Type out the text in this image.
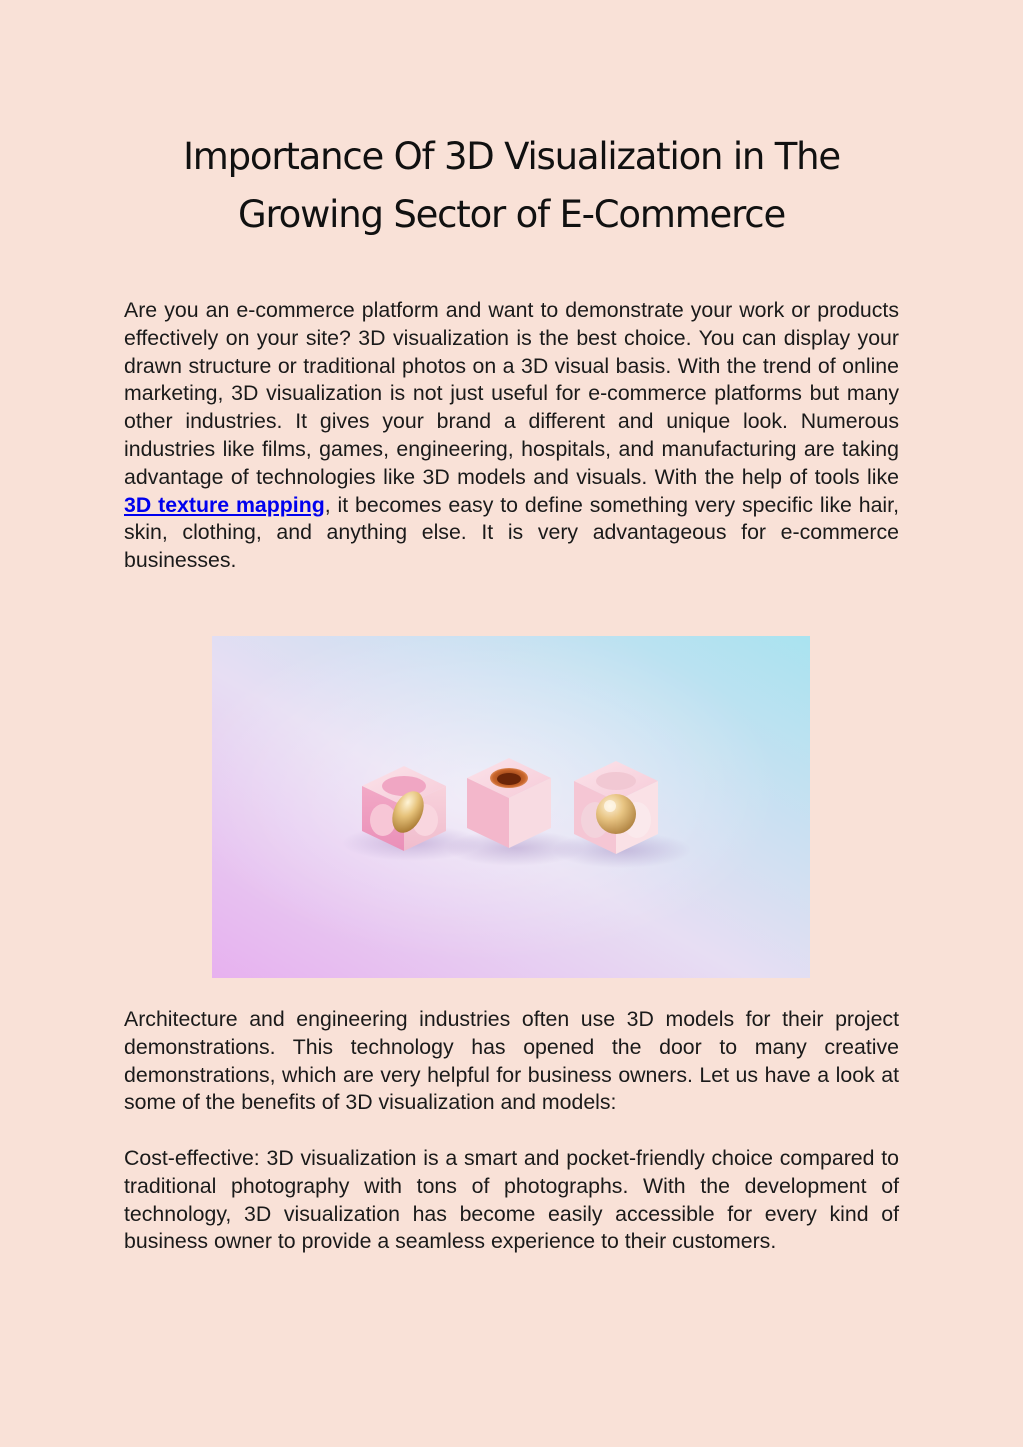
Importance Of 3D Visualization in The
Growing Sector of E-Commerce

Are you an e-commerce platform and want to demonstrate your work or products effectively on your site? 3D visualization is the best choice. You can display your drawn structure or traditional photos on a 3D visual basis. With the trend of online marketing, 3D visualization is not just useful for e-commerce platforms but many other industries. It gives your brand a different and unique look. Numerous industries like films, games, engineering, hospitals, and manufacturing are taking advantage of technologies like 3D models and visuals. With the help of tools like 3D texture mapping, it becomes easy to define something very specific like hair, skin, clothing, and anything else. It is very advantageous for e-commerce businesses.

Architecture and engineering industries often use 3D models for their project demonstrations. This technology has opened the door to many creative demonstrations, which are very helpful for business owners. Let us have a look at some of the benefits of 3D visualization and models:

Cost-effective: 3D visualization is a smart and pocket-friendly choice compared to traditional photography with tons of photographs. With the development of technology, 3D visualization has become easily accessible for every kind of business owner to provide a seamless experience to their customers.
